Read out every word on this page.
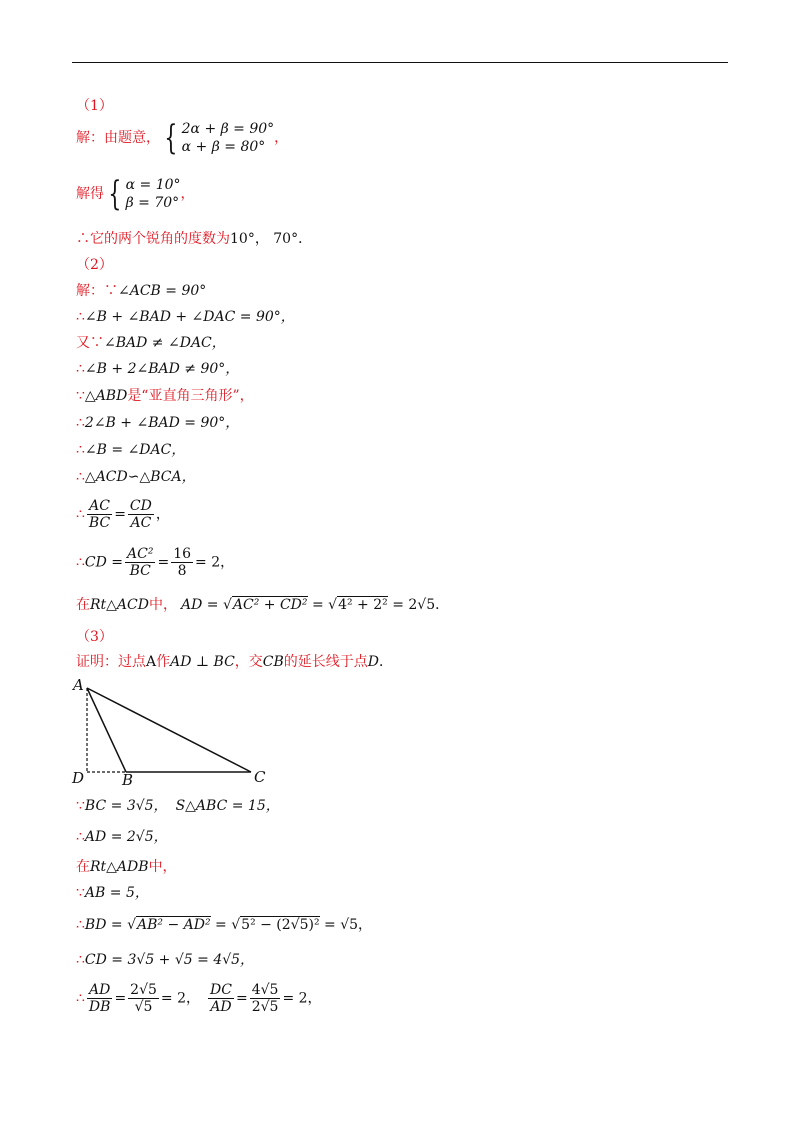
（1）
解：由题意， { 2α + β = 90°
α + β = 80°
，
解得 { α = 10°
β = 70°
，
∴它的两个锐角的度数为10°， 70°．
（2）
解：∵∠ACB = 90°
∴∠B + ∠BAD + ∠DAC = 90°，
又∵∠BAD ≠ ∠DAC，
∴∠B + 2∠BAD ≠ 90°，
∵△ABD是“亚直角三角形”，
∴2∠B + ∠BAD = 90°，
∴∠B = ∠DAC，
∴△ACD∽△BCA，
∴ $\frac{AC}{BC} = \frac{CD}{AC}$ ，
∴CD = $\frac{\text{AC²}}{BC} = \frac{16}{8} = 2$，
在Rt△ACD中， AD = √AC² + CD² = √4² + 2² = 2√5．
（3）
证明：过点A作AD ⊥ BC，交CB的延长线于点D．
A
D	B	C
∵BC = 3√5， S△ABC = 15，
∴AD = 2√5，
在Rt△ADB中，
∵AB = 5，
∴BD = √AB² − AD² = √5² − (2√5)² = √5，
∴CD = 3√5 + √5 = 4√5，
∴ $\frac{AD}{DB} = \frac{2√5}{√5} = 2$， $\frac{DC}{AD} = \frac{4√5}{2√5} = 2$，
